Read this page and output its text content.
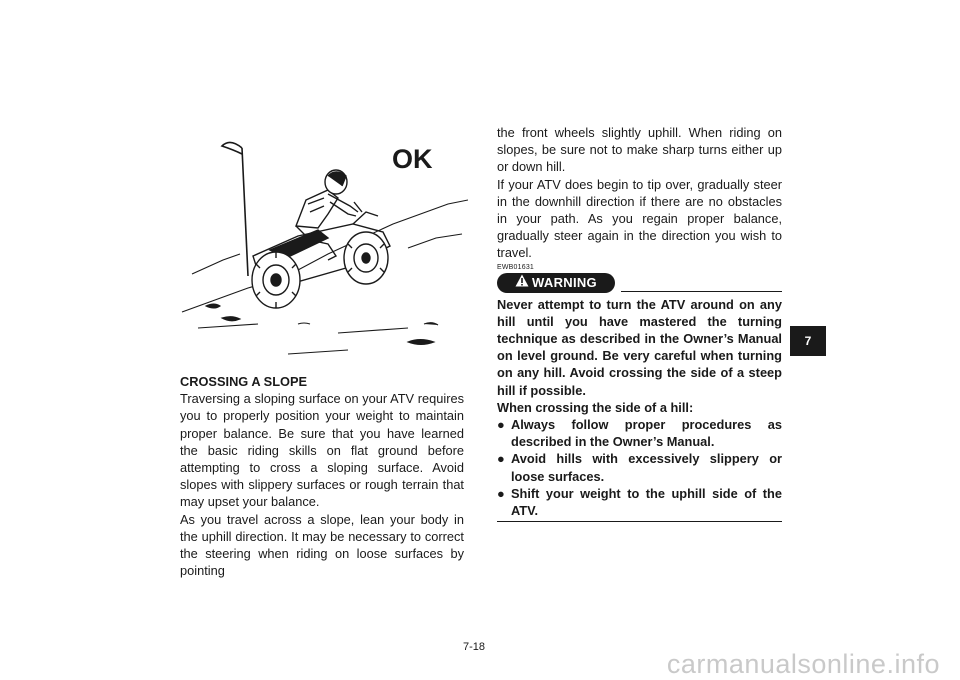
OK

CROSSING A SLOPE

Traversing a sloping surface on your ATV requires you to properly position your weight to maintain proper balance. Be sure that you have learned the basic riding skills on flat ground before attempting to cross a sloping surface. Avoid slopes with slippery surfaces or rough terrain that may upset your balance.

As you travel across a slope, lean your body in the uphill direction. It may be necessary to correct the steering when riding on loose surfaces by pointing

the front wheels slightly uphill. When riding on slopes, be sure not to make sharp turns either up or down hill.

If your ATV does begin to tip over, gradually steer in the downhill direction if there are no obstacles in your path. As you regain proper balance, gradually steer again in the direction you wish to travel.

EWB01631
WARNING

Never attempt to turn the ATV around on any hill until you have mastered the turning technique as described in the Owner’s Manual on level ground. Be very careful when turning on any hill. Avoid crossing the side of a steep hill if possible.

When crossing the side of a hill:

● Always follow proper procedures as described in the Owner’s Manual.
● Avoid hills with excessively slippery or loose surfaces.
● Shift your weight to the uphill side of the ATV.
7
7-18
carmanualsonline.info
